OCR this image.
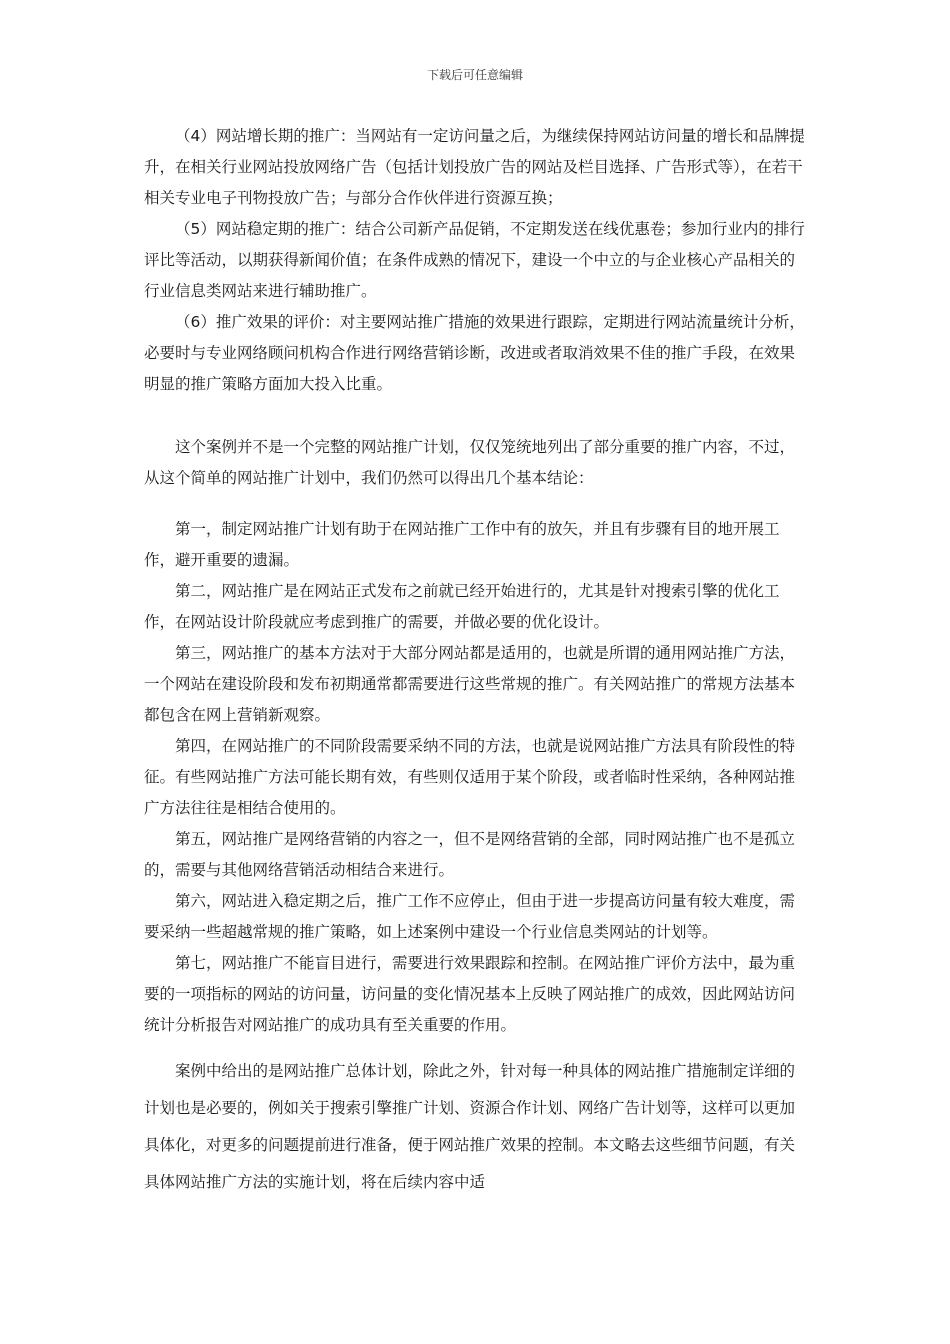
下载后可任意编辑

（4）网站增长期的推广：当网站有一定访问量之后，为继续保持网站访问量的增长和品牌提升，在相关行业网站投放网络广告（包括计划投放广告的网站及栏目选择、广告形式等），在若干相关专业电子刊物投放广告；与部分合作伙伴进行资源互换；

（5）网站稳定期的推广：结合公司新产品促销，不定期发送在线优惠卷；参加行业内的排行评比等活动，以期获得新闻价值；在条件成熟的情况下，建设一个中立的与企业核心产品相关的行业信息类网站来进行辅助推广。

（6）推广效果的评价：对主要网站推广措施的效果进行跟踪，定期进行网站流量统计分析，必要时与专业网络顾问机构合作进行网络营销诊断，改进或者取消效果不佳的推广手段，在效果明显的推广策略方面加大投入比重。

这个案例并不是一个完整的网站推广计划，仅仅笼统地列出了部分重要的推广内容，不过，从这个简单的网站推广计划中，我们仍然可以得出几个基本结论：

第一，制定网站推广计划有助于在网站推广工作中有的放矢，并且有步骤有目的地开展工作，避开重要的遗漏。

第二，网站推广是在网站正式发布之前就已经开始进行的，尤其是针对搜索引擎的优化工作，在网站设计阶段就应考虑到推广的需要，并做必要的优化设计。

第三，网站推广的基本方法对于大部分网站都是适用的，也就是所谓的通用网站推广方法，一个网站在建设阶段和发布初期通常都需要进行这些常规的推广。有关网站推广的常规方法基本都包含在网上营销新观察。

第四，在网站推广的不同阶段需要采纳不同的方法，也就是说网站推广方法具有阶段性的特征。有些网站推广方法可能长期有效，有些则仅适用于某个阶段，或者临时性采纳，各种网站推广方法往往是相结合使用的。

第五，网站推广是网络营销的内容之一，但不是网络营销的全部，同时网站推广也不是孤立的，需要与其他网络营销活动相结合来进行。

第六，网站进入稳定期之后，推广工作不应停止，但由于进一步提高访问量有较大难度，需要采纳一些超越常规的推广策略，如上述案例中建设一个行业信息类网站的计划等。

第七，网站推广不能盲目进行，需要进行效果跟踪和控制。在网站推广评价方法中，最为重要的一项指标的网站的访问量，访问量的变化情况基本上反映了网站推广的成效，因此网站访问统计分析报告对网站推广的成功具有至关重要的作用。

案例中给出的是网站推广总体计划，除此之外，针对每一种具体的网站推广措施制定详细的计划也是必要的，例如关于搜索引擎推广计划、资源合作计划、网络广告计划等，这样可以更加具体化，对更多的问题提前进行准备，便于网站推广效果的控制。本文略去这些细节问题，有关具体网站推广方法的实施计划，将在后续内容中适
